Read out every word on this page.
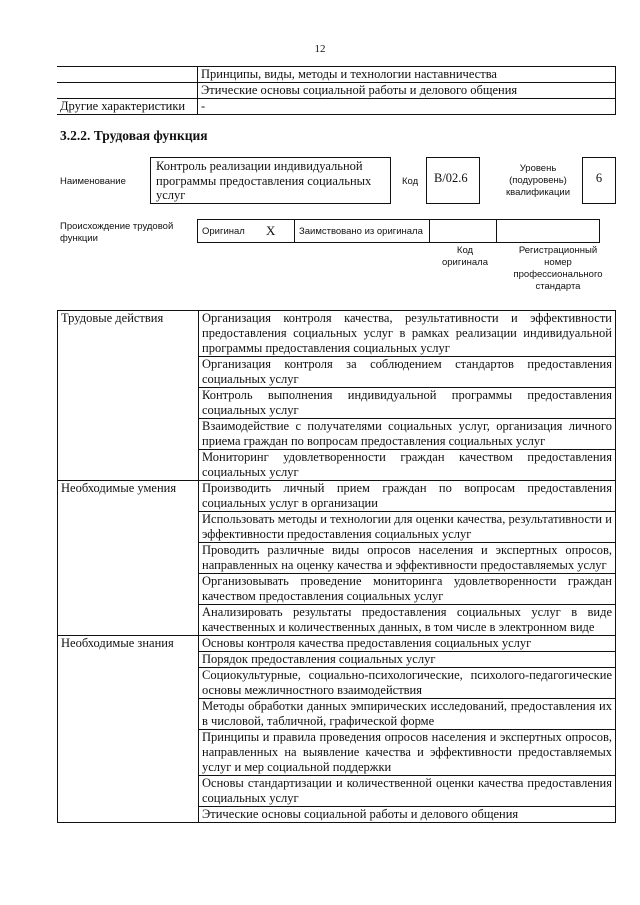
12
	Принципы, виды, методы и технологии наставничества
	Этические основы социальной работы и делового общения
Другие характеристики	-
3.2.2. Трудовая функция
Наименование
Контроль реализации индивидуальной программы предоставления социальных услуг
Код	В/02.6
Уровень (подуровень) квалификации
6
Происхождение трудовой функции
Оригинал	X	Заимствовано из оригинала		
Код оригинала
Регистрационный номер профессионального стандарта
Трудовые действия	Организация контроля качества, результативности и эффективности предоставления социальных услуг в рамках реализации индивидуальной программы предоставления социальных услуг
	Организация контроля за соблюдением стандартов предоставления социальных услуг
	Контроль выполнения индивидуальной программы предоставления социальных услуг
	Взаимодействие с получателями социальных услуг, организация личного приема граждан по вопросам предоставления социальных услуг
	Мониторинг удовлетворенности граждан качеством предоставления социальных услуг
Необходимые умения	Производить личный прием граждан по вопросам предоставления социальных услуг в организации
	Использовать методы и технологии для оценки качества, результативности и эффективности предоставления социальных услуг
	Проводить различные виды опросов населения и экспертных опросов, направленных на оценку качества и эффективности предоставляемых услуг
	Организовывать проведение мониторинга удовлетворенности граждан качеством предоставления социальных услуг
	Анализировать результаты предоставления социальных услуг в виде качественных и количественных данных, в том числе в электронном виде
Необходимые знания	Основы контроля качества предоставления социальных услуг
	Порядок предоставления социальных услуг
	Социокультурные, социально-психологические, психолого-педагогические основы межличностного взаимодействия
	Методы обработки данных эмпирических исследований, предоставления их в числовой, табличной, графической форме
	Принципы и правила проведения опросов населения и экспертных опросов, направленных на выявление качества и эффективности предоставляемых услуг и мер социальной поддержки
	Основы стандартизации и количественной оценки качества предоставления социальных услуг
	Этические основы социальной работы и делового общения
